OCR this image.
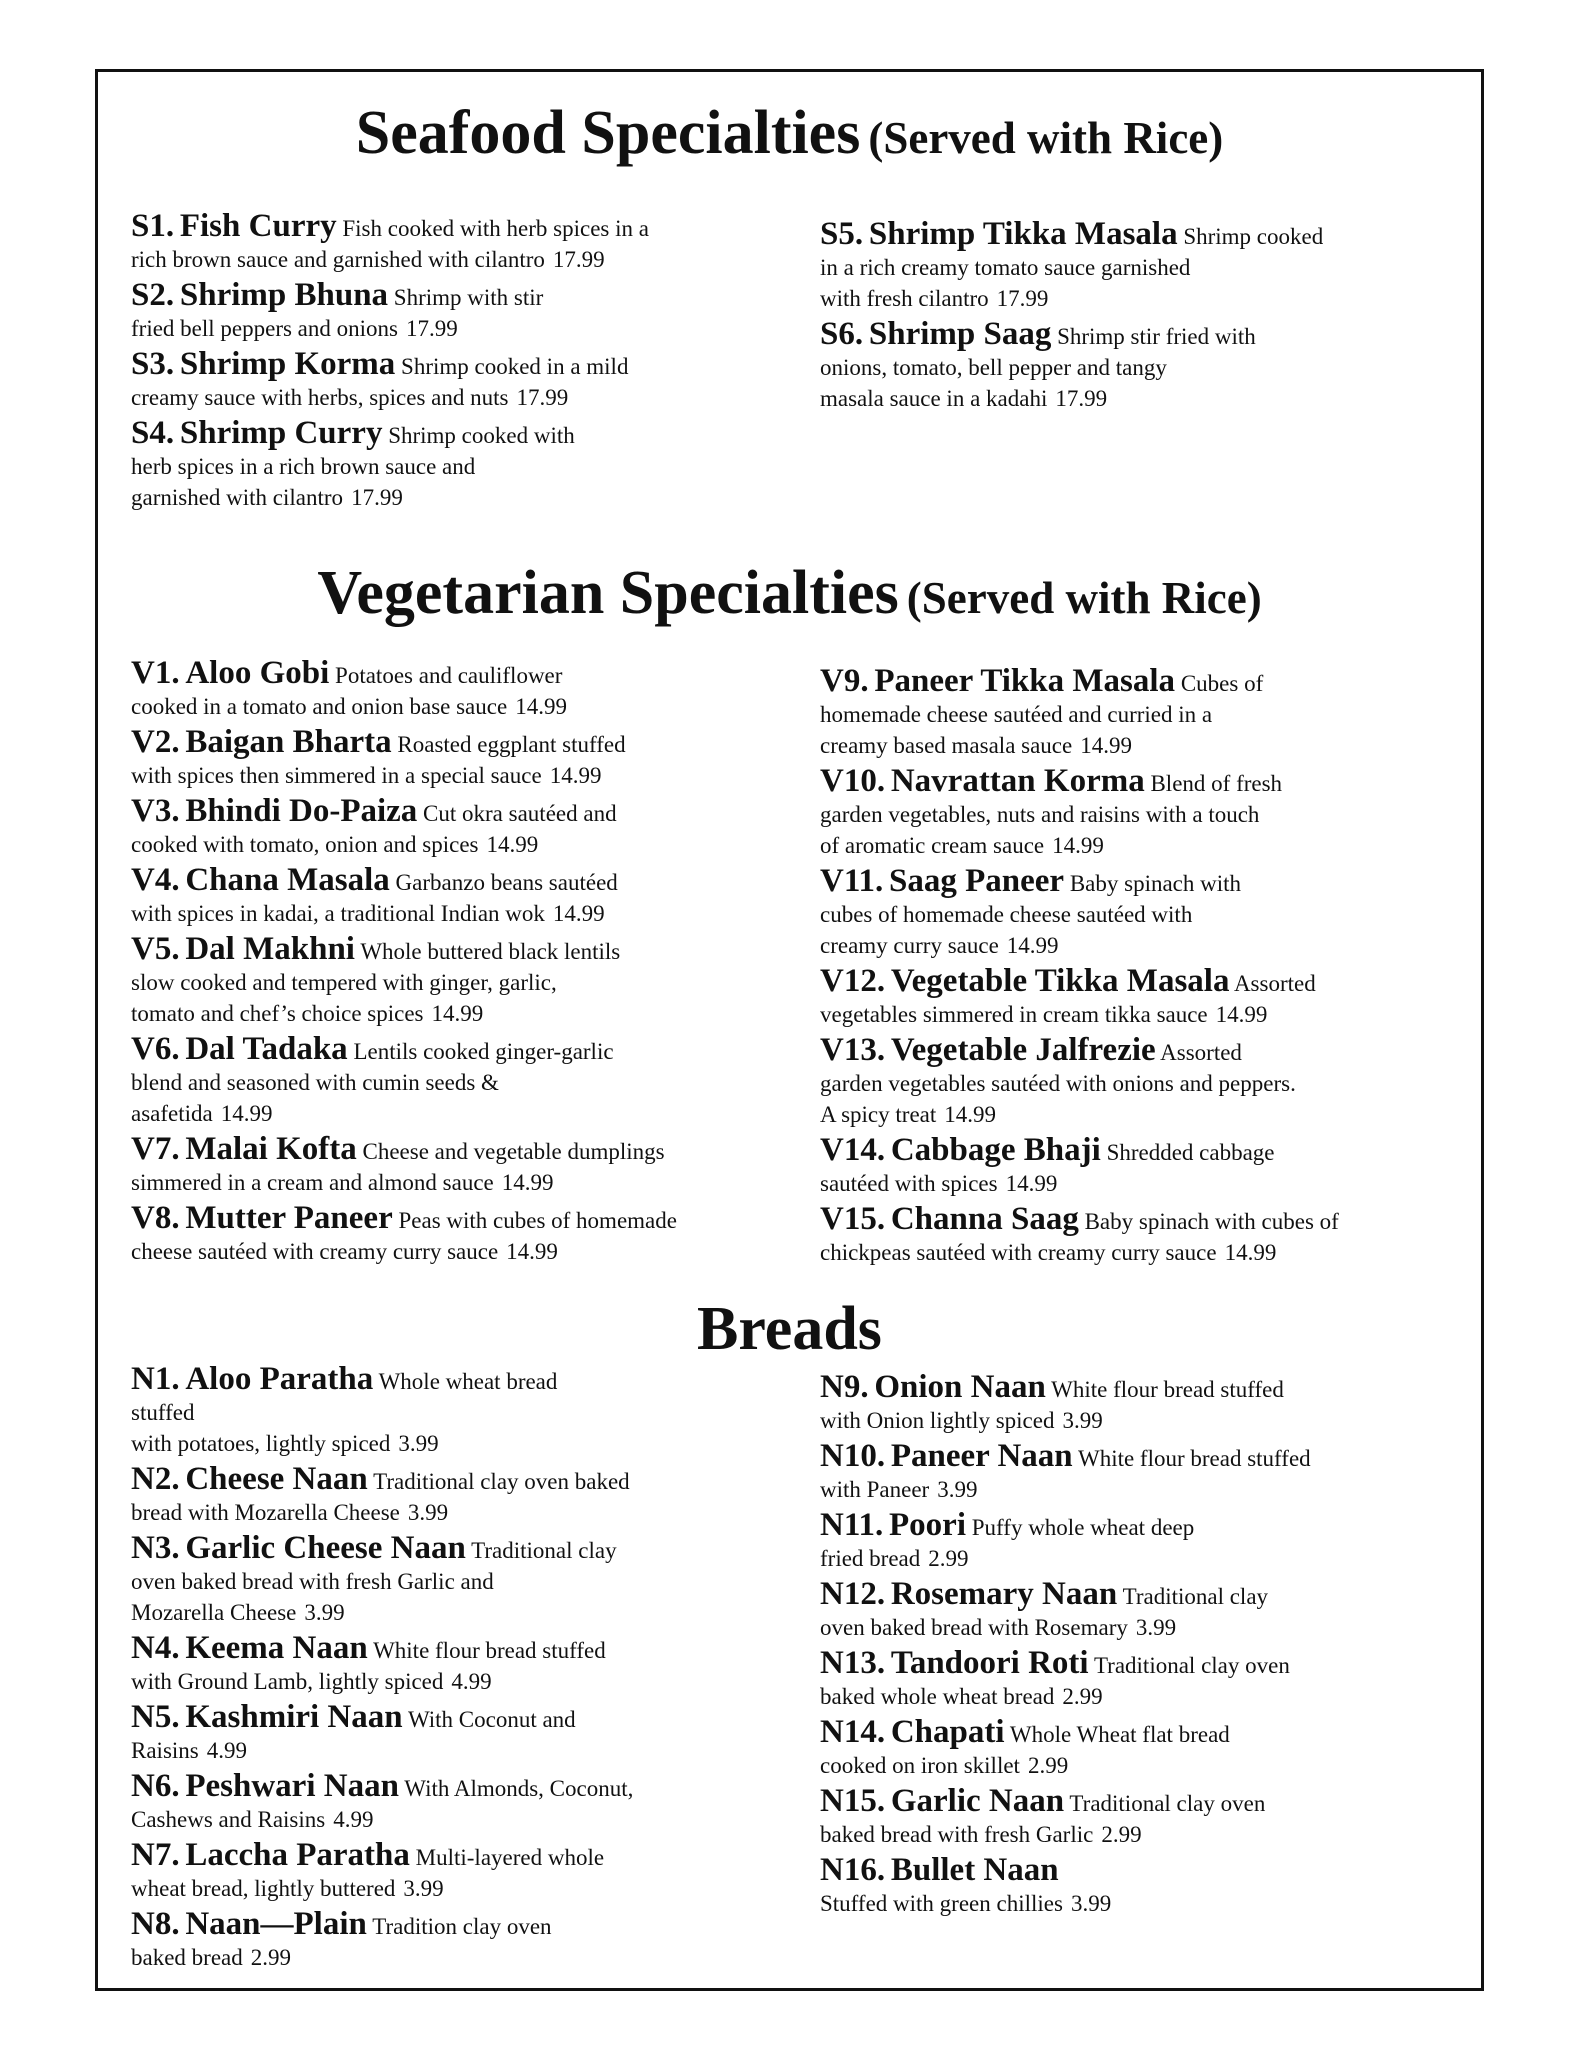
Seafood Specialties (Served with Rice)
S1. Fish Curry Fish cooked with herb spices in a
rich brown sauce and garnished with cilantro 17.99
S2. Shrimp Bhuna Shrimp with stir
fried bell peppers and onions 17.99
S3. Shrimp Korma Shrimp cooked in a mild
creamy sauce with herbs, spices and nuts 17.99
S4. Shrimp Curry Shrimp cooked with
herb spices in a rich brown sauce and
garnished with cilantro 17.99
S5. Shrimp Tikka Masala Shrimp cooked
in a rich creamy tomato sauce garnished
with fresh cilantro 17.99
S6. Shrimp Saag Shrimp stir fried with
onions, tomato, bell pepper and tangy
masala sauce in a kadahi 17.99
Vegetarian Specialties (Served with Rice)
V1. Aloo Gobi Potatoes and cauliflower
cooked in a tomato and onion base sauce 14.99
V2. Baigan Bharta Roasted eggplant stuffed
with spices then simmered in a special sauce 14.99
V3. Bhindi Do-Paiza Cut okra sautéed and
cooked with tomato, onion and spices 14.99
V4. Chana Masala Garbanzo beans sautéed
with spices in kadai, a traditional Indian wok 14.99
V5. Dal Makhni Whole buttered black lentils
slow cooked and tempered with ginger, garlic,
tomato and chef’s choice spices 14.99
V6. Dal Tadaka Lentils cooked ginger-garlic
blend and seasoned with cumin seeds &
asafetida 14.99
V7. Malai Kofta Cheese and vegetable dumplings
simmered in a cream and almond sauce 14.99
V8. Mutter Paneer Peas with cubes of homemade
cheese sautéed with creamy curry sauce 14.99
V9. Paneer Tikka Masala Cubes of
homemade cheese sautéed and curried in a
creamy based masala sauce 14.99
V10. Navrattan Korma Blend of fresh
garden vegetables, nuts and raisins with a touch
of aromatic cream sauce 14.99
V11. Saag Paneer Baby spinach with
cubes of homemade cheese sautéed with
creamy curry sauce 14.99
V12. Vegetable Tikka Masala Assorted
vegetables simmered in cream tikka sauce 14.99
V13. Vegetable Jalfrezie Assorted
garden vegetables sautéed with onions and peppers.
A spicy treat 14.99
V14. Cabbage Bhaji Shredded cabbage
sautéed with spices 14.99
V15. Channa Saag Baby spinach with cubes of
chickpeas sautéed with creamy curry sauce 14.99
Breads
N1. Aloo Paratha Whole wheat bread
stuffed
with potatoes, lightly spiced 3.99
N2. Cheese Naan Traditional clay oven baked
bread with Mozarella Cheese 3.99
N3. Garlic Cheese Naan Traditional clay
oven baked bread with fresh Garlic and
Mozarella Cheese 3.99
N4. Keema Naan White flour bread stuffed
with Ground Lamb, lightly spiced 4.99
N5. Kashmiri Naan With Coconut and
Raisins 4.99
N6. Peshwari Naan With Almonds, Coconut,
Cashews and Raisins 4.99
N7. Laccha Paratha Multi-layered whole
wheat bread, lightly buttered 3.99
N8. Naan—Plain Tradition clay oven
baked bread 2.99
N9. Onion Naan White flour bread stuffed
with Onion lightly spiced 3.99
N10. Paneer Naan White flour bread stuffed
with Paneer 3.99
N11. Poori Puffy whole wheat deep
fried bread 2.99
N12. Rosemary Naan Traditional clay
oven baked bread with Rosemary 3.99
N13. Tandoori Roti Traditional clay oven
baked whole wheat bread 2.99
N14. Chapati Whole Wheat flat bread
cooked on iron skillet 2.99
N15. Garlic Naan Traditional clay oven
baked bread with fresh Garlic 2.99
N16. Bullet Naan
Stuffed with green chillies 3.99
